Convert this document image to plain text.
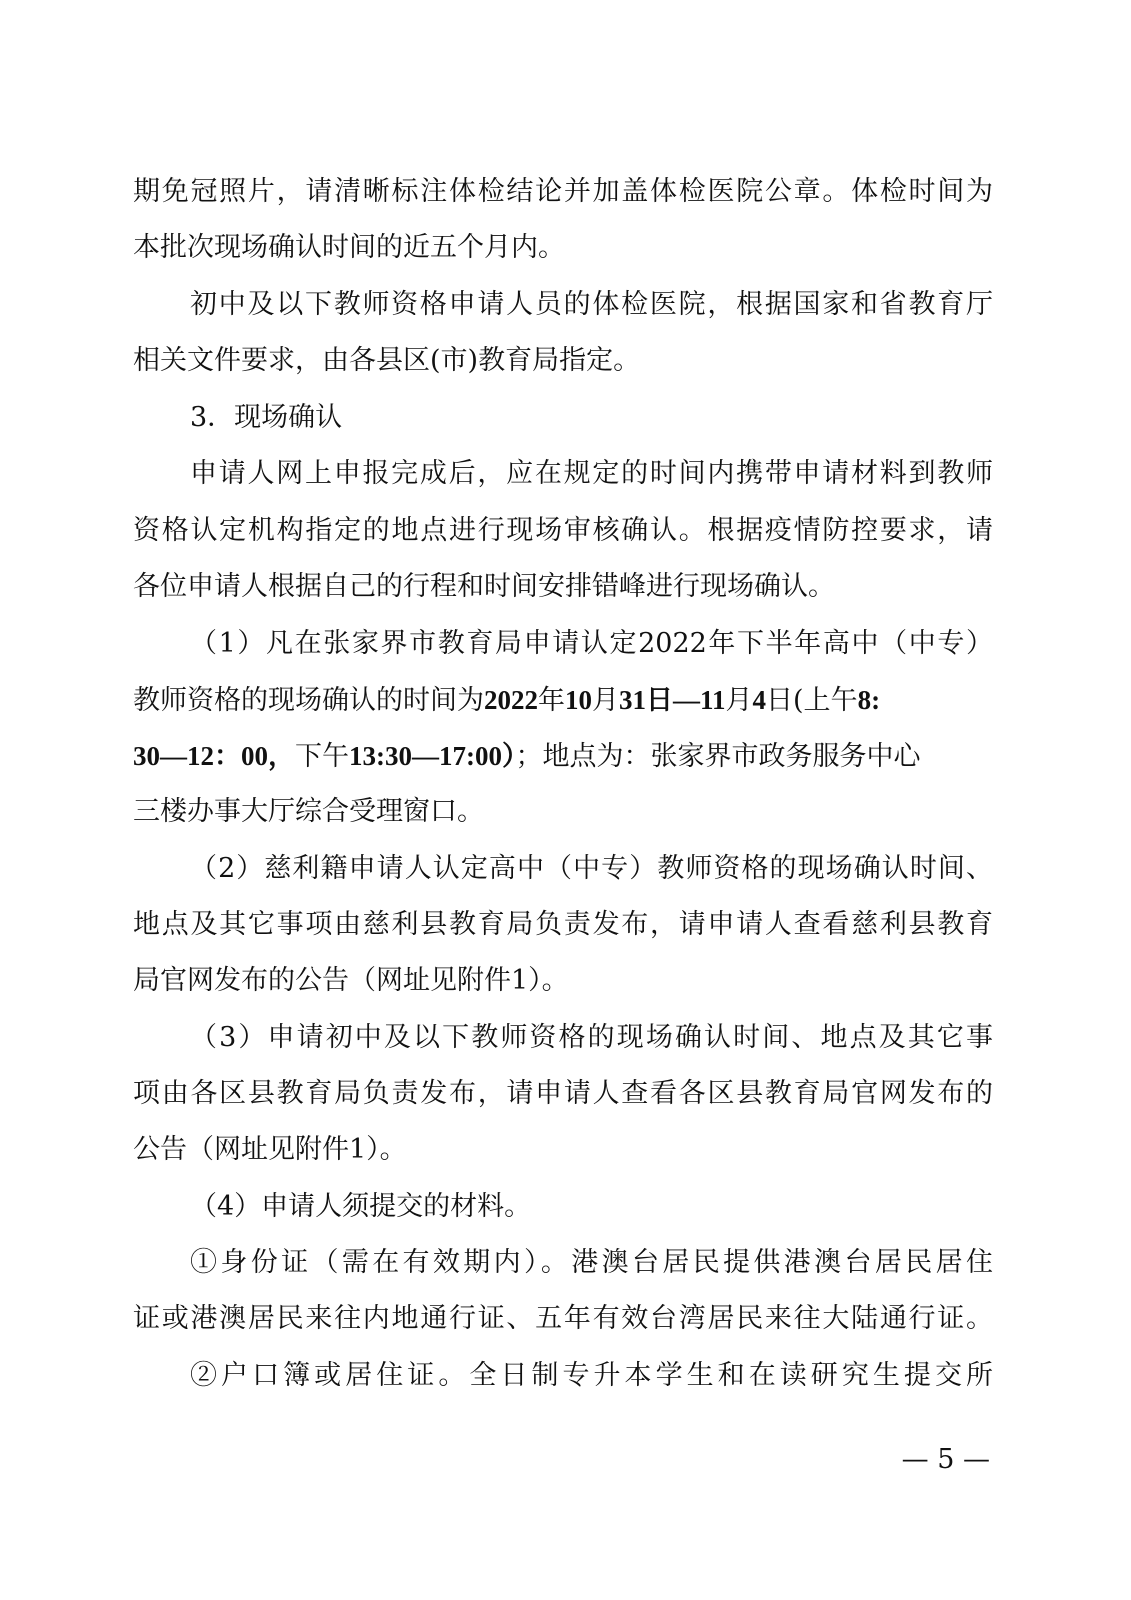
期免冠照片，请清晰标注体检结论并加盖体检医院公章。体检时间为
本批次现场确认时间的近五个月内。
初中及以下教师资格申请人员的体检医院，根据国家和省教育厅
相关文件要求，由各县区(市)教育局指定。
3．现场确认
申请人网上申报完成后，应在规定的时间内携带申请材料到教师
资格认定机构指定的地点进行现场审核确认。根据疫情防控要求，请
各位申请人根据自己的行程和时间安排错峰进行现场确认。
（1）凡在张家界市教育局申请认定2022年下半年高中（中专）
教师资格的现场确认的时间为2022年10月31日—11月4日(上午8:
30—12：00，下午13:30—17:00）；地点为：张家界市政务服务中心
三楼办事大厅综合受理窗口。
（2）慈利籍申请人认定高中（中专）教师资格的现场确认时间、
地点及其它事项由慈利县教育局负责发布，请申请人查看慈利县教育
局官网发布的公告（网址见附件1）。
（3）申请初中及以下教师资格的现场确认时间、地点及其它事
项由各区县教育局负责发布，请申请人查看各区县教育局官网发布的
公告（网址见附件1）。
（4）申请人须提交的材料。
①身份证（需在有效期内）。港澳台居民提供港澳台居民居住
证或港澳居民来往内地通行证、五年有效台湾居民来往大陆通行证。
②户口簿或居住证。全日制专升本学生和在读研究生提交所
— 5 —
